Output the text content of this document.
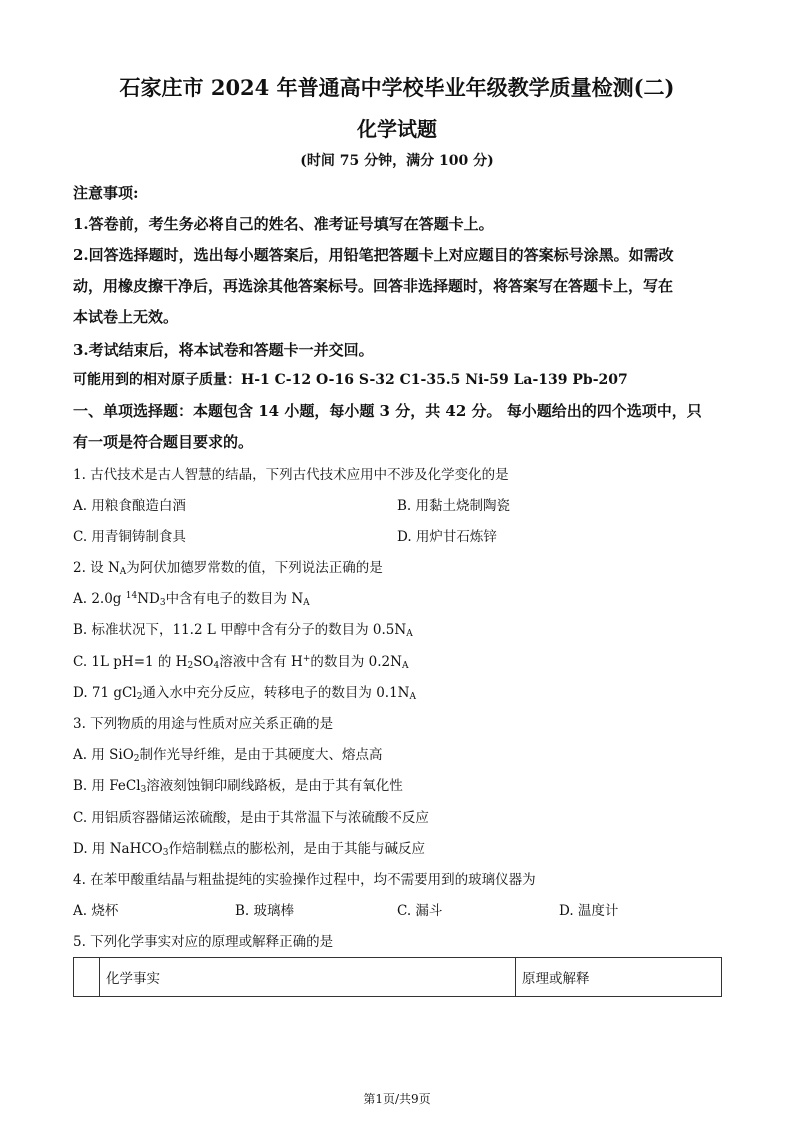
石家庄市 2024 年普通高中学校毕业年级教学质量检测(二)
化学试题
(时间 75 分钟，满分 100 分)
注意事项:
1.答卷前，考生务必将自己的姓名、准考证号填写在答题卡上。
2.回答选择题时，选出每小题答案后，用铅笔把答题卡上对应题目的答案标号涂黑。如需改
动，用橡皮擦干净后，再选涂其他答案标号。回答非选择题时，将答案写在答题卡上，写在
本试卷上无效。
3.考试结束后，将本试卷和答题卡一并交回。
可能用到的相对原子质量：H-1 C-12 O-16 S-32 C1-35.5 Ni-59 La-139 Pb-207
一、单项选择题：本题包含 14 小题，每小题 3 分，共 42 分。 每小题给出的四个选项中，只
有一项是符合题目要求的。
1. 古代技术是古人智慧的结晶，下列古代技术应用中不涉及化学变化的是
A. 用粮食酿造白酒	B. 用黏土烧制陶瓷
C. 用青铜铸制食具	D. 用炉甘石炼锌
2. 设 $N_A$为阿伏加德罗常数的值，下列说法正确的是
A. 2.0g $^{14}ND_3$中含有电子的数目为 $N_A$
B. 标准状况下，11.2 L 甲醇中含有分子的数目为 $0.5N_A$
C. 1L pH=1 的 $H_2SO_4$溶液中含有 H+的数目为 $0.2N_A$
D. 71 gCl$_2$通入水中充分反应，转移电子的数目为 $0.1N_A$
3. 下列物质的用途与性质对应关系正确的是
A. 用 SiO$_2$制作光导纤维，是由于其硬度大、熔点高
B. 用 FeCl$_3$溶液刻蚀铜印刷线路板，是由于其有氧化性
C. 用铝质容器储运浓硫酸，是由于其常温下与浓硫酸不反应
D. 用 NaHCO$_3$作焙制糕点的膨松剂，是由于其能与碱反应
4. 在苯甲酸重结晶与粗盐提纯的实验操作过程中，均不需要用到的玻璃仪器为
A. 烧杯	B. 玻璃棒	C. 漏斗	D. 温度计
5. 下列化学事实对应的原理或解释正确的是
	化学事实	原理或解释
第1页/共9页
